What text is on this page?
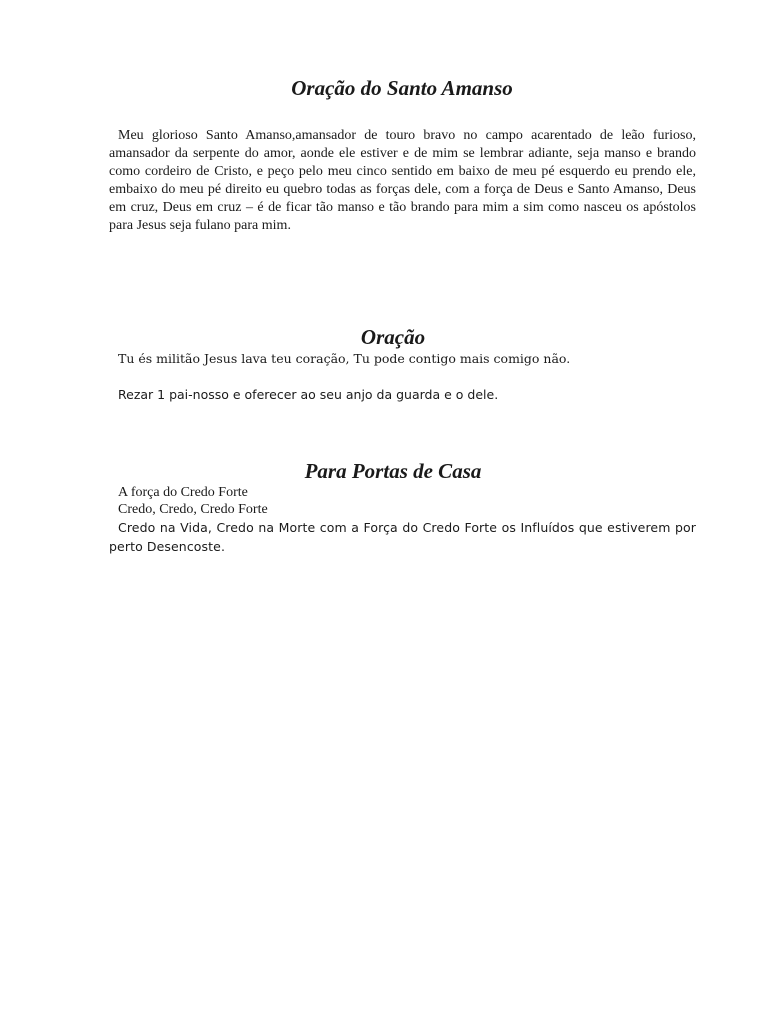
Oração do Santo Amanso

Meu glorioso Santo Amanso,amansador de touro bravo no campo acarentado de leão furioso, amansador da serpente do amor, aonde ele estiver e de mim se lembrar adiante, seja manso e brando como cordeiro de Cristo, e peço pelo meu cinco sentido em baixo de meu pé esquerdo eu prendo ele, embaixo do meu pé direito eu quebro todas as forças dele, com a força de Deus e Santo Amanso, Deus em cruz, Deus em cruz – é de ficar tão manso e tão brando para mim a sim como nasceu os apóstolos para Jesus seja fulano para mim.

Oração

Tu és militão Jesus lava teu coração, Tu pode contigo mais comigo não.

Rezar 1 pai-nosso e oferecer ao seu anjo da guarda e o dele.

Para Portas de Casa

A força do Credo Forte

Credo, Credo, Credo Forte

Credo na Vida, Credo na Morte com a Força do Credo Forte os Influídos que estiverem por perto Desencoste.
